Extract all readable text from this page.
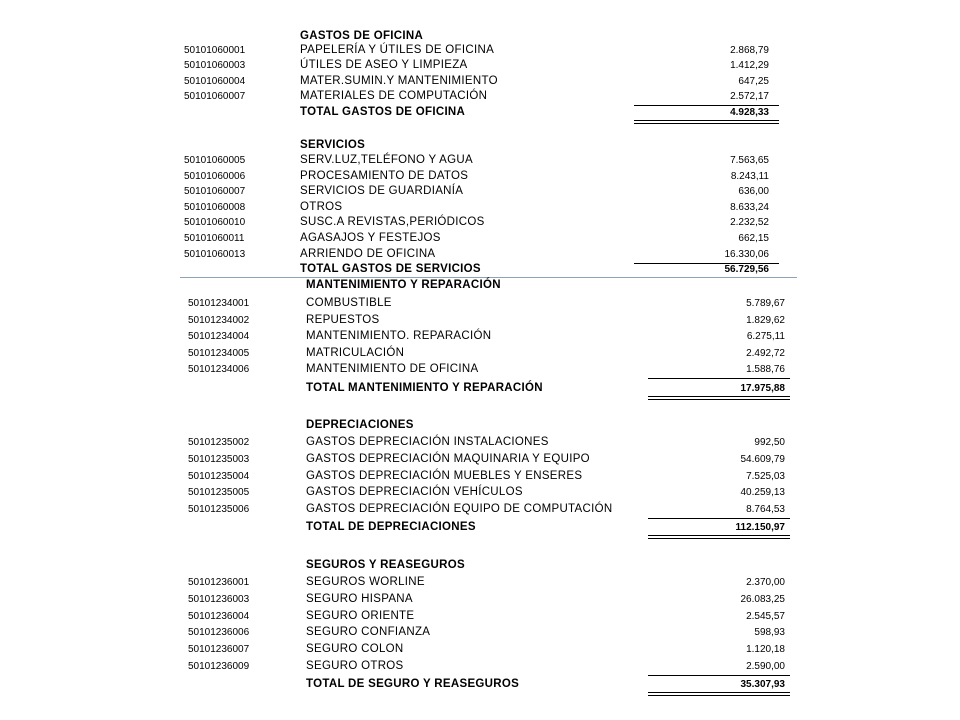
GASTOS DE OFICINA
50101060001	PAPELERÍA Y ÚTILES DE OFICINA	2.868,79
50101060003	ÚTILES DE ASEO Y LIMPIEZA	1.412,29
50101060004	MATER.SUMIN.Y MANTENIMIENTO	647,25
50101060007	MATERIALES DE COMPUTACIÓN	2.572,17
TOTAL GASTOS DE OFICINA	4.928,33
SERVICIOS
50101060005	SERV.LUZ,TELÉFONO Y AGUA	7.563,65
50101060006	PROCESAMIENTO DE DATOS	8.243,11
50101060007	SERVICIOS DE GUARDIANÍA	636,00
50101060008	OTROS	8.633,24
50101060010	SUSC.A REVISTAS,PERIÓDICOS	2.232,52
50101060011	AGASAJOS Y FESTEJOS	662,15
50101060013	ARRIENDO DE OFICINA	16.330,06
TOTAL GASTOS DE SERVICIOS	56.729,56
MANTENIMIENTO Y REPARACIÓN
50101234001	COMBUSTIBLE	5.789,67
50101234002	REPUESTOS	1.829,62
50101234004	MANTENIMIENTO. REPARACIÓN	6.275,11
50101234005	MATRICULACIÓN	2.492,72
50101234006	MANTENIMIENTO DE OFICINA	1.588,76
TOTAL MANTENIMIENTO Y REPARACIÓN	17.975,88
DEPRECIACIONES
50101235002	GASTOS DEPRECIACIÓN INSTALACIONES	992,50
50101235003	GASTOS DEPRECIACIÓN MAQUINARIA Y EQUIPO	54.609,79
50101235004	GASTOS DEPRECIACIÓN MUEBLES Y ENSERES	7.525,03
50101235005	GASTOS DEPRECIACIÓN VEHÍCULOS	40.259,13
50101235006	GASTOS DEPRECIACIÓN EQUIPO DE COMPUTACIÓN	8.764,53
TOTAL DE DEPRECIACIONES	112.150,97
SEGUROS Y REASEGUROS
50101236001	SEGUROS WORLINE	2.370,00
50101236003	SEGURO HISPANA	26.083,25
50101236004	SEGURO ORIENTE	2.545,57
50101236006	SEGURO CONFIANZA	598,93
50101236007	SEGURO COLON	1.120,18
50101236009	SEGURO OTROS	2.590,00
TOTAL DE SEGURO Y REASEGUROS	35.307,93
